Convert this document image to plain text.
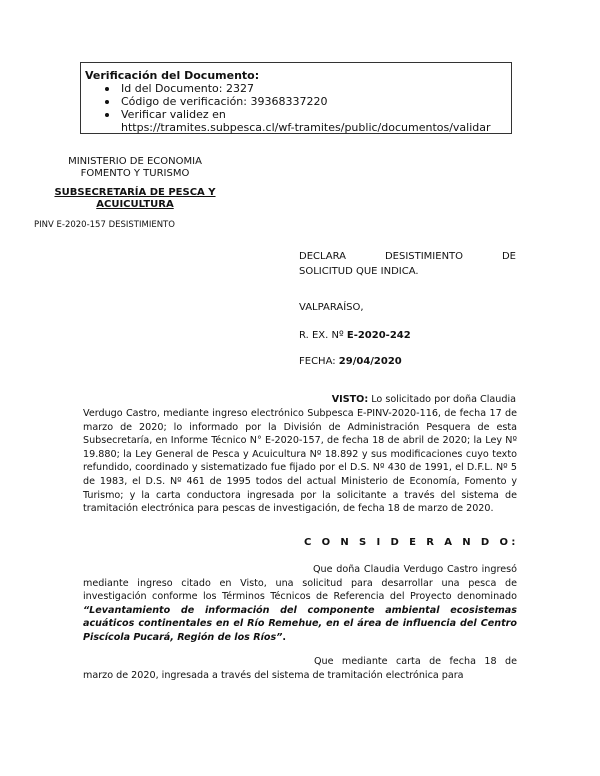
Verificación del Documento:
Id del Documento: 2327
Código de verificación: 39368337220
Verificar validez en
https://tramites.subpesca.cl/wf-tramites/public/documentos/validar
MINISTERIO DE ECONOMIA
FOMENTO Y TURISMO
SUBSECRETARÍA DE PESCA Y
ACUICULTURA
PINV E-2020-157 DESISTIMIENTO
DECLARA	DESISTIMIENTO	DE
SOLICITUD QUE INDICA.
VALPARAÍSO,
R. EX. Nº E-2020-242
FECHA: 29/04/2020
VISTO: Lo solicitado por doña Claudia
Verdugo Castro, mediante ingreso electrónico Subpesca E-PINV-2020-116, de fecha 17 de marzo de 2020; lo informado por la División de Administración Pesquera de esta Subsecretaría, en Informe Técnico N° E-2020-157, de fecha 18 de abril de 2020; la Ley Nº 19.880; la Ley General de Pesca y Acuicultura Nº 18.892 y sus modificaciones cuyo texto refundido, coordinado y sistematizado fue fijado por el D.S. Nº 430 de 1991, el D.F.L. Nº 5 de 1983, el D.S. Nº 461 de 1995 todos del actual Ministerio de Economía, Fomento y Turismo; y la carta conductora ingresada por la solicitante a través del sistema de tramitación electrónica para pescas de investigación, de fecha 18 de marzo de 2020.
C O N S I D E R A N D O:
Que doña Claudia Verdugo Castro ingresó mediante ingreso citado en Visto, una solicitud para desarrollar una pesca de investigación conforme los Términos Técnicos de Referencia del Proyecto denominado “Levantamiento de información del componente ambiental ecosistemas acuáticos continentales en el Río Remehue, en el área de influencia del Centro Piscícola Pucará, Región de los Ríos”.
Que mediante carta de fecha 18 de marzo de 2020, ingresada a través del sistema de tramitación electrónica para
